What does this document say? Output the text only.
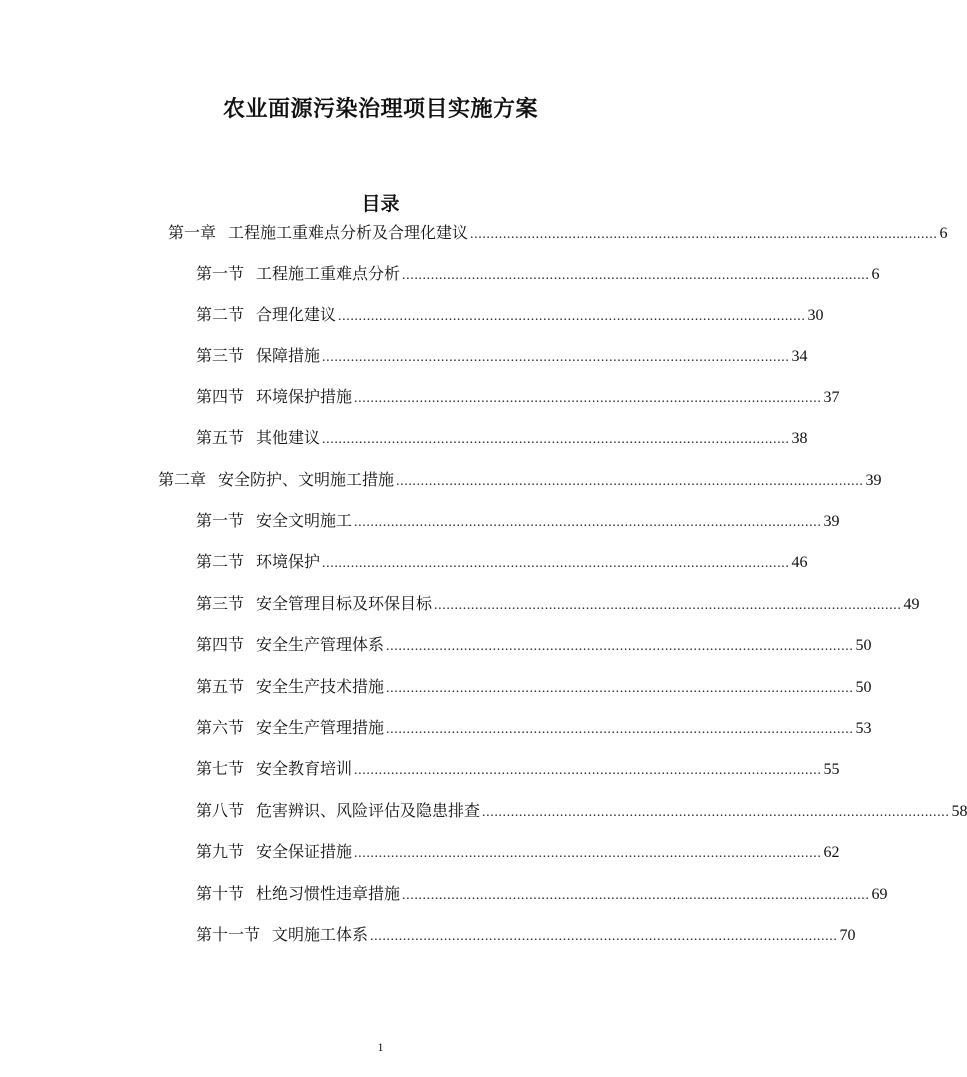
农业面源污染治理项目实施方案
目录
第一章 工程施工重难点分析及合理化建议 .................................................................................................................. 6
第一节 工程施工重难点分析 .................................................................................................................. 6
第二节 合理化建议 .................................................................................................................. 30
第三节 保障措施 .................................................................................................................. 34
第四节 环境保护措施 .................................................................................................................. 37
第五节 其他建议 .................................................................................................................. 38
第二章 安全防护、文明施工措施 .................................................................................................................. 39
第一节 安全文明施工 .................................................................................................................. 39
第二节 环境保护 .................................................................................................................. 46
第三节 安全管理目标及环保目标 .................................................................................................................. 49
第四节 安全生产管理体系 .................................................................................................................. 50
第五节 安全生产技术措施 .................................................................................................................. 50
第六节 安全生产管理措施 .................................................................................................................. 53
第七节 安全教育培训 .................................................................................................................. 55
第八节 危害辨识、风险评估及隐患排查 .................................................................................................................. 58
第九节 安全保证措施 .................................................................................................................. 62
第十节 杜绝习惯性违章措施 .................................................................................................................. 69
第十一节 文明施工体系 .................................................................................................................. 70
1
